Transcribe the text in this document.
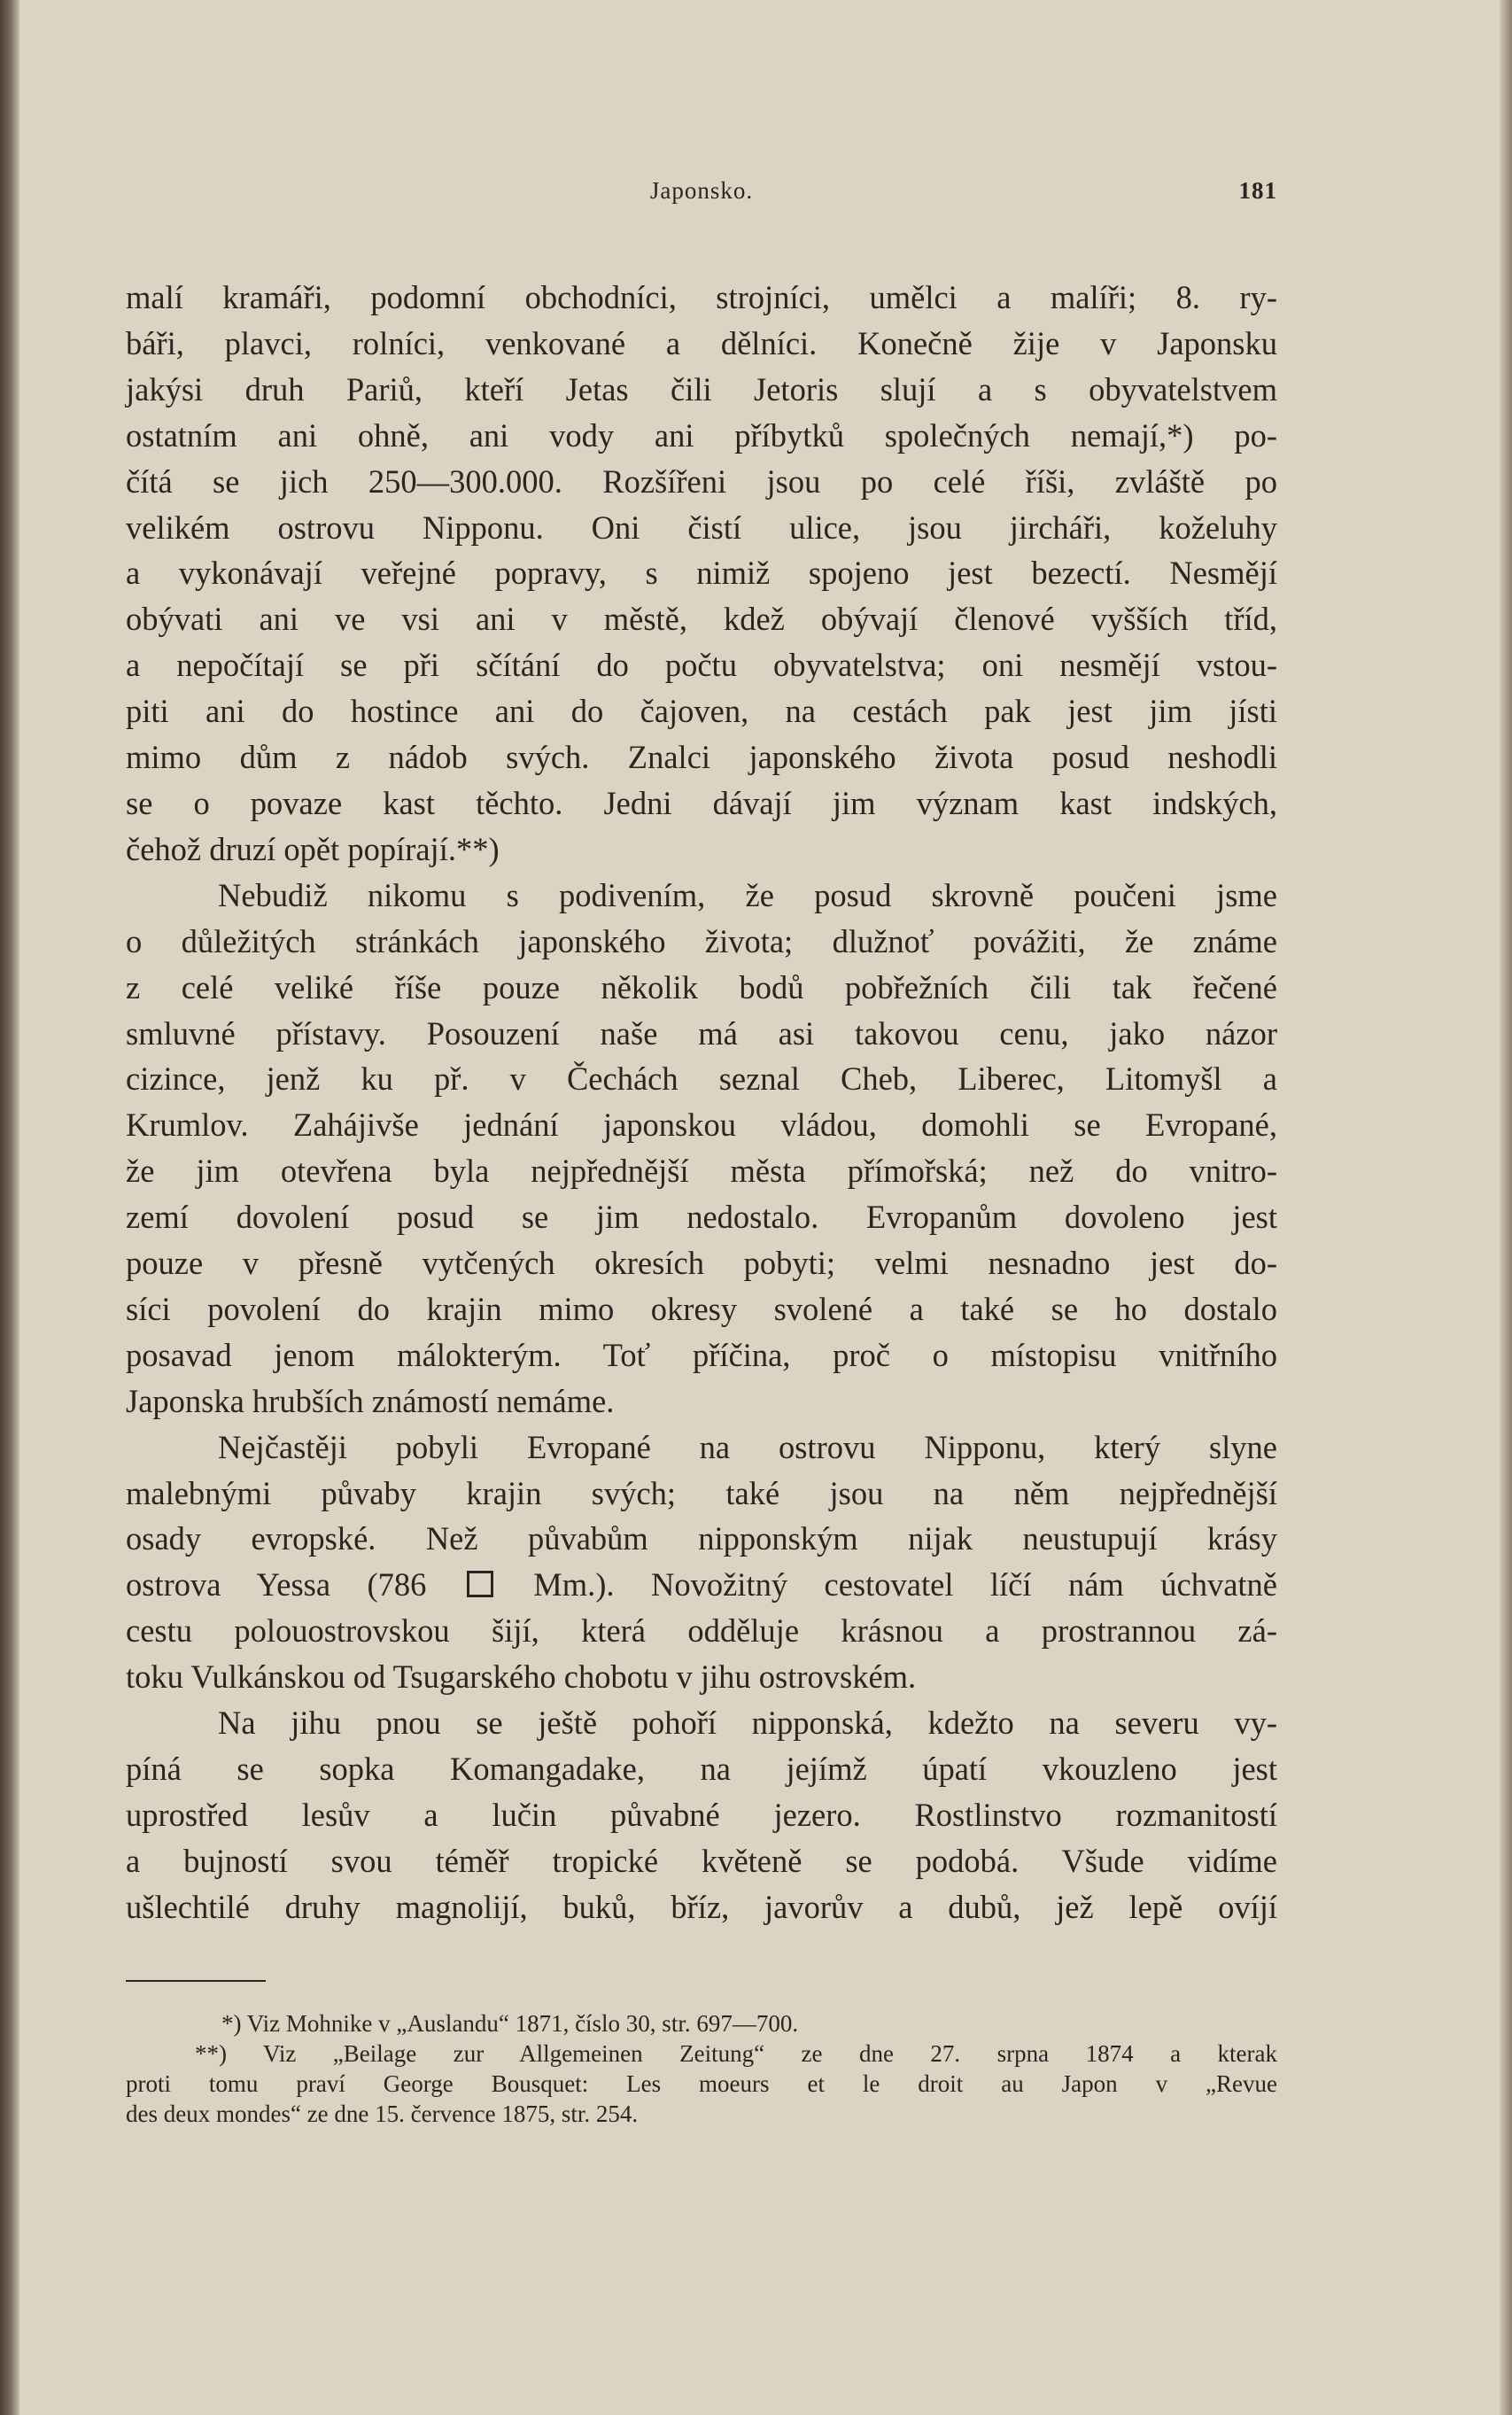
Japonsko.	181

malí kramáři, podomní obchodníci, strojníci, umělci a malíři; 8. ry-
báři, plavci, rolníci, venkované a dělníci. Konečně žije v Japonsku
jakýsi druh Pariů, kteří Jetas čili Jetoris slují a s obyvatelstvem
ostatním ani ohně, ani vody ani příbytků společných nemají,*) po-
čítá se jich 250—300.000. Rozšířeni jsou po celé říši, zvláště po
velikém ostrovu Nipponu. Oni čistí ulice, jsou jircháři, koželuhy
a vykonávají veřejné popravy, s nimiž spojeno jest bezectí. Nesmějí
obývati ani ve vsi ani v městě, kdež obývají členové vyšších tříd,
a nepočítají se při sčítání do počtu obyvatelstva; oni nesmějí vstou-
piti ani do hostince ani do čajoven, na cestách pak jest jim jísti
mimo dům z nádob svých. Znalci japonského života posud neshodli
se o povaze kast těchto. Jedni dávají jim význam kast indských,
čehož druzí opět popírají.**)

Nebudiž nikomu s podivením, že posud skrovně poučeni jsme
o důležitých stránkách japonského života; dlužnoť povážiti, že známe
z celé veliké říše pouze několik bodů pobřežních čili tak řečené
smluvné přístavy. Posouzení naše má asi takovou cenu, jako názor
cizince, jenž ku př. v Čechách seznal Cheb, Liberec, Litomyšl a
Krumlov. Zahájivše jednání japonskou vládou, domohli se Evropané,
že jim otevřena byla nejpřednější města přímořská; než do vnitro-
zemí dovolení posud se jim nedostalo. Evropanům dovoleno jest
pouze v přesně vytčených okresích pobyti; velmi nesnadno jest do-
síci povolení do krajin mimo okresy svolené a také se ho dostalo
posavad jenom málokterým. Toť příčina, proč o místopisu vnitřního
Japonska hrubších známostí nemáme.

Nejčastěji pobyli Evropané na ostrovu Nipponu, který slyne
malebnými půvaby krajin svých; také jsou na něm nejpřednější
osady evropské. Než půvabům nipponským nijak neustupují krásy
ostrova Yessa (786  Mm.). Novožitný cestovatel líčí nám úchvatně
cestu polouostrovskou šijí, která odděluje krásnou a prostrannou zá-
toku Vulkánskou od Tsugarského chobotu v jihu ostrovském.

Na jihu pnou se ještě pohoří nipponská, kdežto na severu vy-
píná se sopka Komangadake, na jejímž úpatí vkouzleno jest
uprostřed lesův a lučin půvabné jezero. Rostlinstvo rozmanitostí
a bujností svou téměř tropické květeně se podobá. Všude vidíme
ušlechtilé druhy magnolijí, buků, bříz, javorův a dubů, jež lepě ovíjí

*) Viz Mohnike v „Auslandu“ 1871, číslo 30, str. 697—700.
**) Viz „Beilage zur Allgemeinen Zeitung“ ze dne 27. srpna 1874 a kterak
proti tomu praví George Bousquet: Les moeurs et le droit au Japon v „Revue
des deux mondes“ ze dne 15. července 1875, str. 254.
